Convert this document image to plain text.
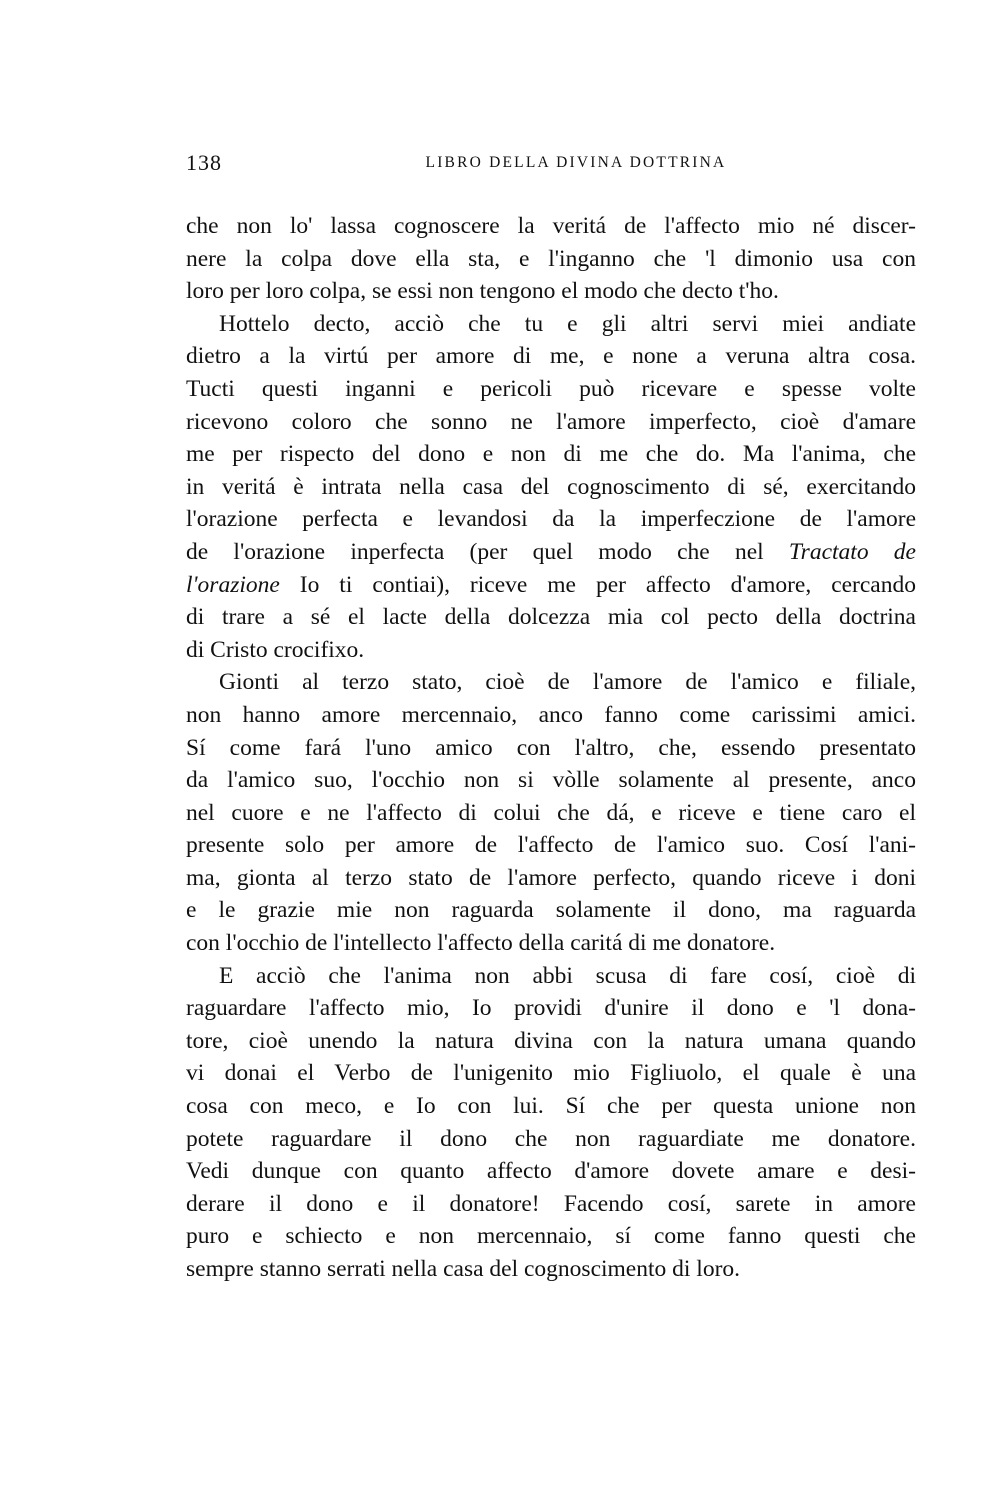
138	LIBRO DELLA DIVINA DOTTRINA
che non lo' lassa cognoscere la veritá de l'affecto mio né discer-
nere la colpa dove ella sta, e l'inganno che 'l dimonio usa con
loro per loro colpa, se essi non tengono el modo che decto t'ho.
Hottelo decto, acciò che tu e gli altri servi miei andiate
dietro a la virtú per amore di me, e none a veruna altra cosa.
Tucti questi inganni e pericoli può ricevare e spesse volte
ricevono coloro che sonno ne l'amore imperfecto, cioè d'amare
me per rispecto del dono e non di me che do. Ma l'anima, che
in veritá è intrata nella casa del cognoscimento di sé, exercitando
l'orazione perfecta e levandosi da la imperfeczione de l'amore
de l'orazione inperfecta (per quel modo che nel Tractato de
l'orazione Io ti contiai), riceve me per affecto d'amore, cercando
di trare a sé el lacte della dolcezza mia col pecto della doctrina
di Cristo crocifixo.
Gionti al terzo stato, cioè de l'amore de l'amico e filiale,
non hanno amore mercennaio, anco fanno come carissimi amici.
Sí come fará l'uno amico con l'altro, che, essendo presentato
da l'amico suo, l'occhio non si vòlle solamente al presente, anco
nel cuore e ne l'affecto di colui che dá, e riceve e tiene caro el
presente solo per amore de l'affecto de l'amico suo. Cosí l'ani-
ma, gionta al terzo stato de l'amore perfecto, quando riceve i doni
e le grazie mie non raguarda solamente il dono, ma raguarda
con l'occhio de l'intellecto l'affecto della caritá di me donatore.
E acciò che l'anima non abbi scusa di fare cosí, cioè di
raguardare l'affecto mio, Io providi d'unire il dono e 'l dona-
tore, cioè unendo la natura divina con la natura umana quando
vi donai el Verbo de l'unigenito mio Figliuolo, el quale è una
cosa con meco, e Io con lui. Sí che per questa unione non
potete raguardare il dono che non raguardiate me donatore.
Vedi dunque con quanto affecto d'amore dovete amare e desi-
derare il dono e il donatore! Facendo cosí, sarete in amore
puro e schiecto e non mercennaio, sí come fanno questi che
sempre stanno serrati nella casa del cognoscimento di loro.
